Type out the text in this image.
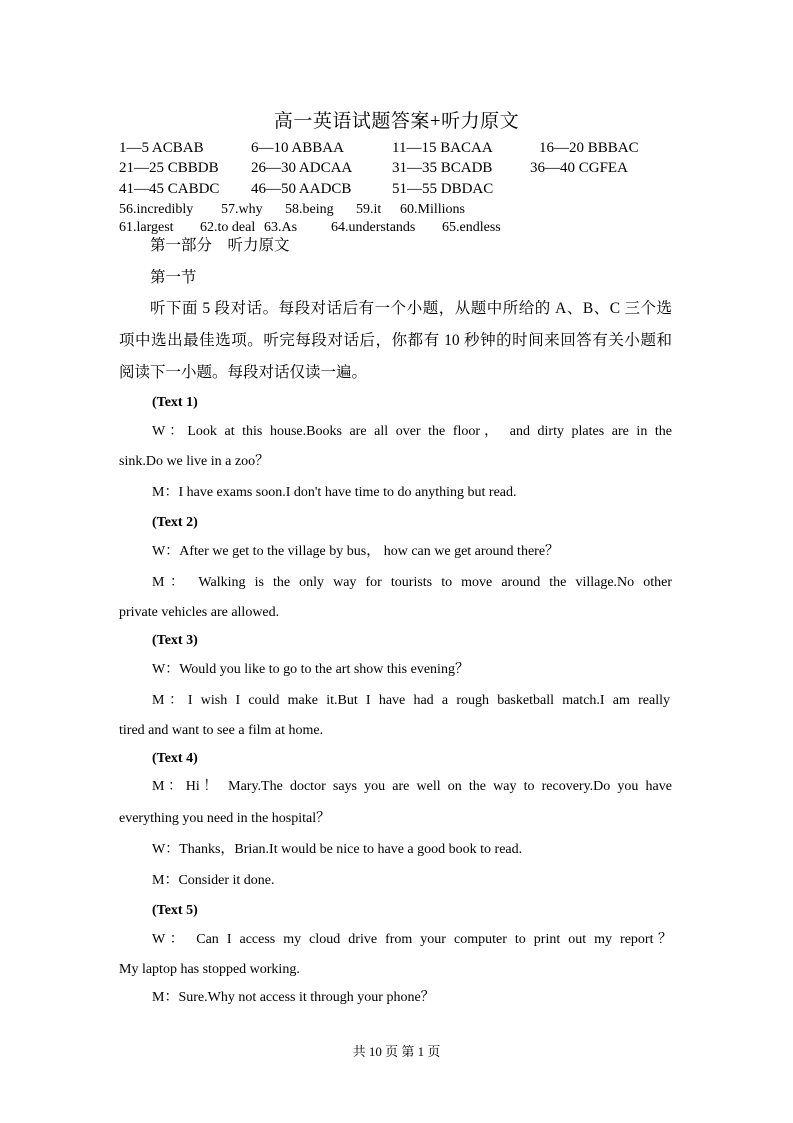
高一英语试题答案+听力原文
1—5 ACBAB	6—10 ABBAA	11—15 BACAA	16—20 BBBAC
21—25 CBBDB 26—30 ADCAA	31—35 BCADB	36—40 CGFEA
41—45 CABDC 46—50 AADCB	51—55 DBDAC
56.incredibly 57.why 58.being 59.it 60.Millions
61.largest 62.to deal 63.As 64.understands 65.endless
第一部分　听力原文
第一节
听下面 5 段对话。每段对话后有一个小题，从题中所给的 A、B、C 三个选
项中选出最佳选项。听完每段对话后，你都有 10 秒钟的时间来回答有关小题和
阅读下一小题。每段对话仅读一遍。
(Text 1)
W：Look at this house.Books are all over the floor， and dirty plates are in the
sink.Do we live in a zoo？
M：I have exams soon.I don't have time to do anything but read.
(Text 2)
W：After we get to the village by bus， how can we get around there？
M： Walking is the only way for tourists to move around the village.No other
private vehicles are allowed.
(Text 3)
W：Would you like to go to the art show this evening？
M：I wish I could make it.But I have had a rough basketball match.I am really
tired and want to see a film at home.
(Text 4)
M：Hi！ Mary.The doctor says you are well on the way to recovery.Do you have
everything you need in the hospital？
W：Thanks，Brian.It would be nice to have a good book to read.
M：Consider it done.
(Text 5)
W： Can I access my cloud drive from your computer to print out my report？
My laptop has stopped working.
M：Sure.Why not access it through your phone？
共 10 页 第 1 页
